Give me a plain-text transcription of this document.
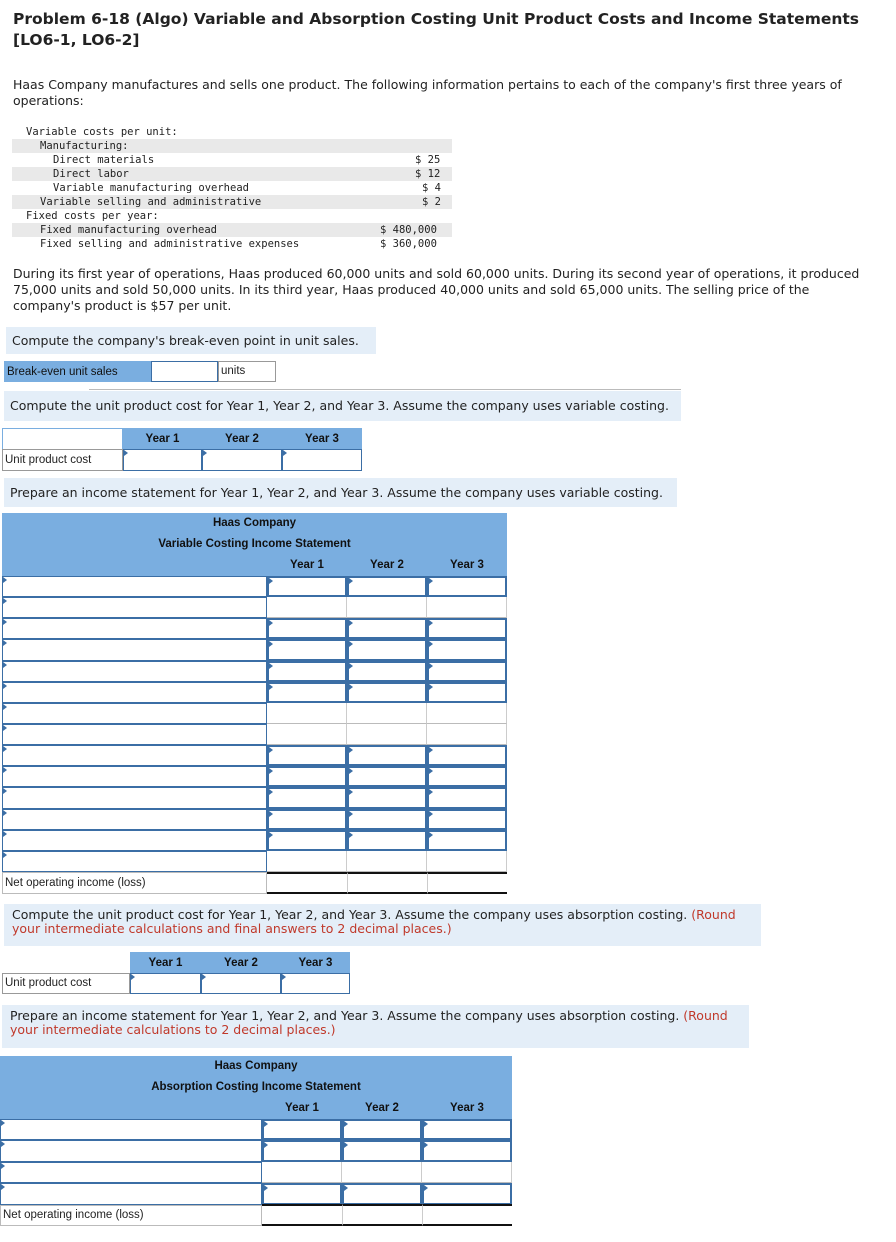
Problem 6-18 (Algo) Variable and Absorption Costing Unit Product Costs and Income Statements [LO6-1, LO6-2]
Haas Company manufactures and sells one product. The following information pertains to each of the company's first three years of operations:
Variable costs per unit:
Manufacturing:
Direct materials	$ 25
Direct labor	$ 12
Variable manufacturing overhead	$ 4
Variable selling and administrative	$ 2
Fixed costs per year:
Fixed manufacturing overhead	$ 480,000
Fixed selling and administrative expenses	$ 360,000
During its first year of operations, Haas produced 60,000 units and sold 60,000 units. During its second year of operations, it produced 75,000 units and sold 50,000 units. In its third year, Haas produced 40,000 units and sold 65,000 units. The selling price of the company's product is $57 per unit.
Compute the company's break-even point in unit sales.
Break-even unit sales	units
Compute the unit product cost for Year 1, Year 2, and Year 3. Assume the company uses variable costing.
Year 1	Year 2	Year 3
Unit product cost
Prepare an income statement for Year 1, Year 2, and Year 3. Assume the company uses variable costing.
Haas Company
Variable Costing Income Statement
Year 1	Year 2	Year 3
Net operating income (loss)
Compute the unit product cost for Year 1, Year 2, and Year 3. Assume the company uses absorption costing. (Round your intermediate calculations and final answers to 2 decimal places.)
Year 1	Year 2	Year 3
Unit product cost
Prepare an income statement for Year 1, Year 2, and Year 3. Assume the company uses absorption costing. (Round your intermediate calculations to 2 decimal places.)
Haas Company
Absorption Costing Income Statement
Year 1	Year 2	Year 3
Net operating income (loss)
